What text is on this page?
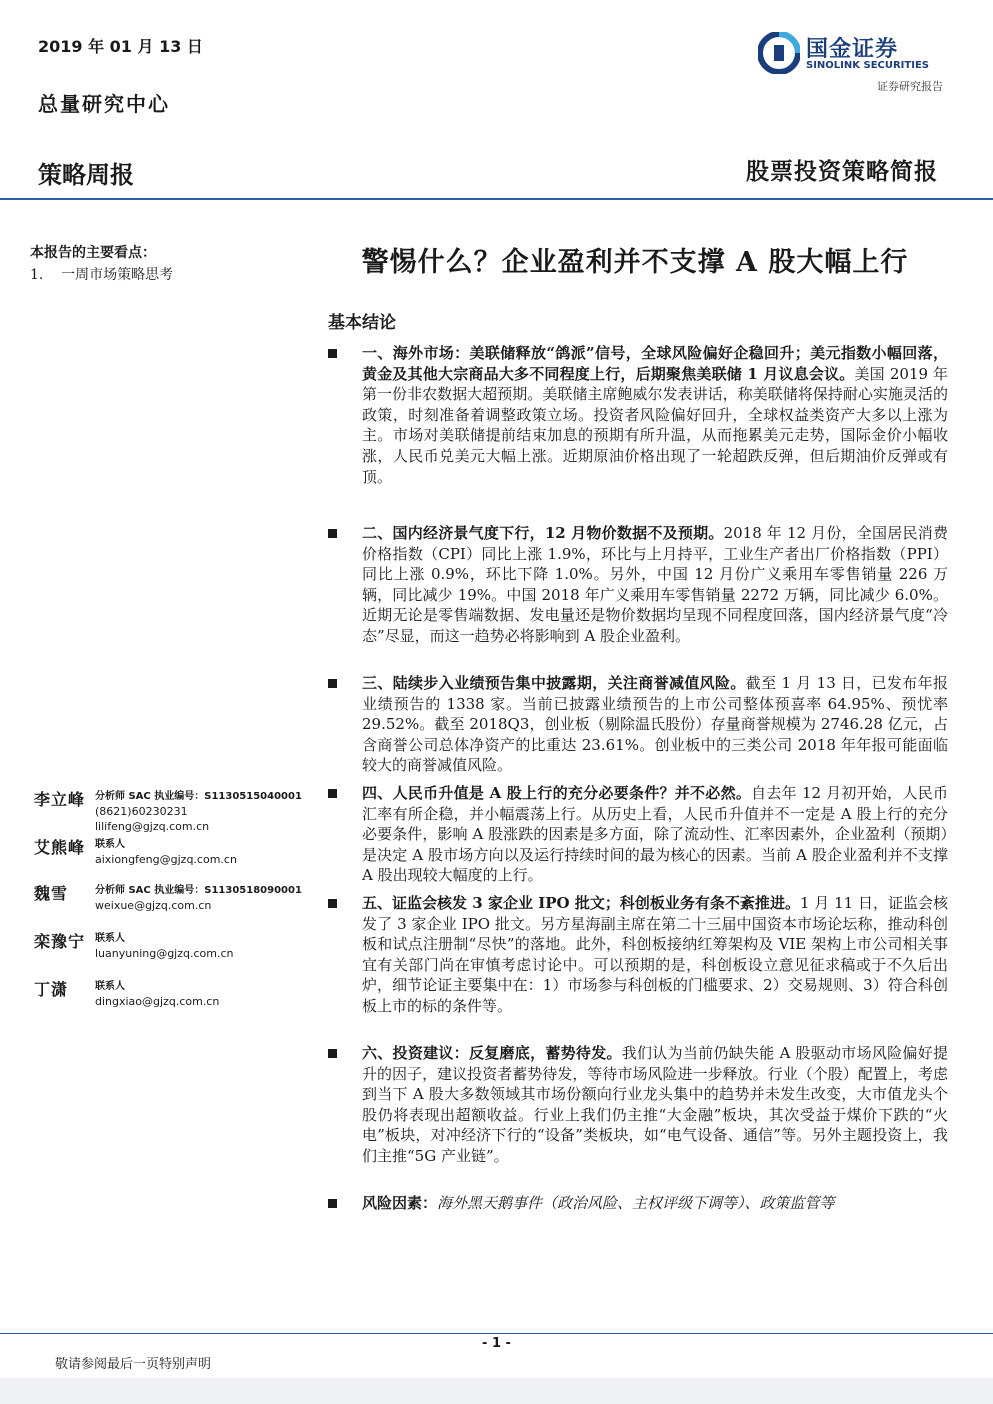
2019 年 01 月 13 日
总量研究中心
国金证券
SINOLINK SECURITIES
证券研究报告
策略周报	股票投资策略简报
本报告的主要看点：
1. 一周市场策略思考	警惕什么？企业盈利并不支撑 A 股大幅上行
基本结论
一、海外市场：美联储释放“鸽派”信号，全球风险偏好企稳回升；美元指数小幅回落，黄金及其他大宗商品大多不同程度上行，后期聚焦美联储 1 月议息会议。美国 2019 年第一份非农数据大超预期。美联储主席鲍威尔发表讲话，称美联储将保持耐心实施灵活的政策，时刻准备着调整政策立场。投资者风险偏好回升，全球权益类资产大多以上涨为主。市场对美联储提前结束加息的预期有所升温，从而拖累美元走势，国际金价小幅收涨，人民币兑美元大幅上涨。近期原油价格出现了一轮超跌反弹，但后期油价反弹或有顶。
二、国内经济景气度下行，12 月物价数据不及预期。2018 年 12 月份，全国居民消费价格指数（CPI）同比上涨 1.9%，环比与上月持平，工业生产者出厂价格指数（PPI）同比上涨 0.9%，环比下降 1.0%。另外，中国 12 月份广义乘用车零售销量 226 万辆，同比减少 19%。中国 2018 年广义乘用车零售销量 2272 万辆，同比减少 6.0%。近期无论是零售端数据、发电量还是物价数据均呈现不同程度回落，国内经济景气度“冷态”尽显，而这一趋势必将影响到 A 股企业盈利。
三、陆续步入业绩预告集中披露期，关注商誉减值风险。截至 1 月 13 日，已发布年报业绩预告的 1338 家。当前已披露业绩预告的上市公司整体预喜率 64.95%、预忧率 29.52%。截至 2018Q3，创业板（剔除温氏股份）存量商誉规模为 2746.28 亿元，占含商誉公司总体净资产的比重达 23.61%。创业板中的三类公司 2018 年年报可能面临较大的商誉减值风险。
四、人民币升值是 A 股上行的充分必要条件？并不必然。自去年 12 月初开始，人民币汇率有所企稳，并小幅震荡上行。从历史上看，人民币升值并不一定是 A 股上行的充分必要条件，影响 A 股涨跌的因素是多方面，除了流动性、汇率因素外，企业盈利（预期）是决定 A 股市场方向以及运行持续时间的最为核心的因素。当前 A 股企业盈利并不支撑 A 股出现较大幅度的上行。
五、证监会核发 3 家企业 IPO 批文；科创板业务有条不紊推进。1 月 11 日，证监会核发了 3 家企业 IPO 批文。另方星海副主席在第二十三届中国资本市场论坛称，推动科创板和试点注册制“尽快”的落地。此外，科创板接纳红筹架构及 VIE 架构上市公司相关事宜有关部门尚在审慎考虑讨论中。可以预期的是，科创板设立意见征求稿或于不久后出炉，细节论证主要集中在：1）市场参与科创板的门槛要求、2）交易规则、3）符合科创板上市的标的条件等。
六、投资建议：反复磨底，蓄势待发。我们认为当前仍缺失能 A 股驱动市场风险偏好提升的因子，建议投资者蓄势待发，等待市场风险进一步释放。行业（个股）配置上，考虑到当下 A 股大多数领域其市场份额向行业龙头集中的趋势并未发生改变，大市值龙头个股仍将表现出超额收益。行业上我们仍主推“大金融”板块，其次受益于煤价下跌的“火电”板块，对冲经济下行的“设备”类板块，如“电气设备、通信”等。另外主题投资上，我们主推“5G 产业链”。
风险因素：海外黑天鹅事件（政治风险、主权评级下调等）、政策监管等
李立峰 分析师 SAC 执业编号：S1130515040001
(8621)60230231
lilifeng@gjzq.com.cn
艾熊峰 联系人
aixiongfeng@gjzq.com.cn
魏雪	分析师 SAC 执业编号：S1130518090001
weixue@gjzq.com.cn
栾豫宁 联系人
luanyuning@gjzq.com.cn
丁潇	联系人
dingxiao@gjzq.com.cn
- 1 -
敬请参阅最后一页特别声明
